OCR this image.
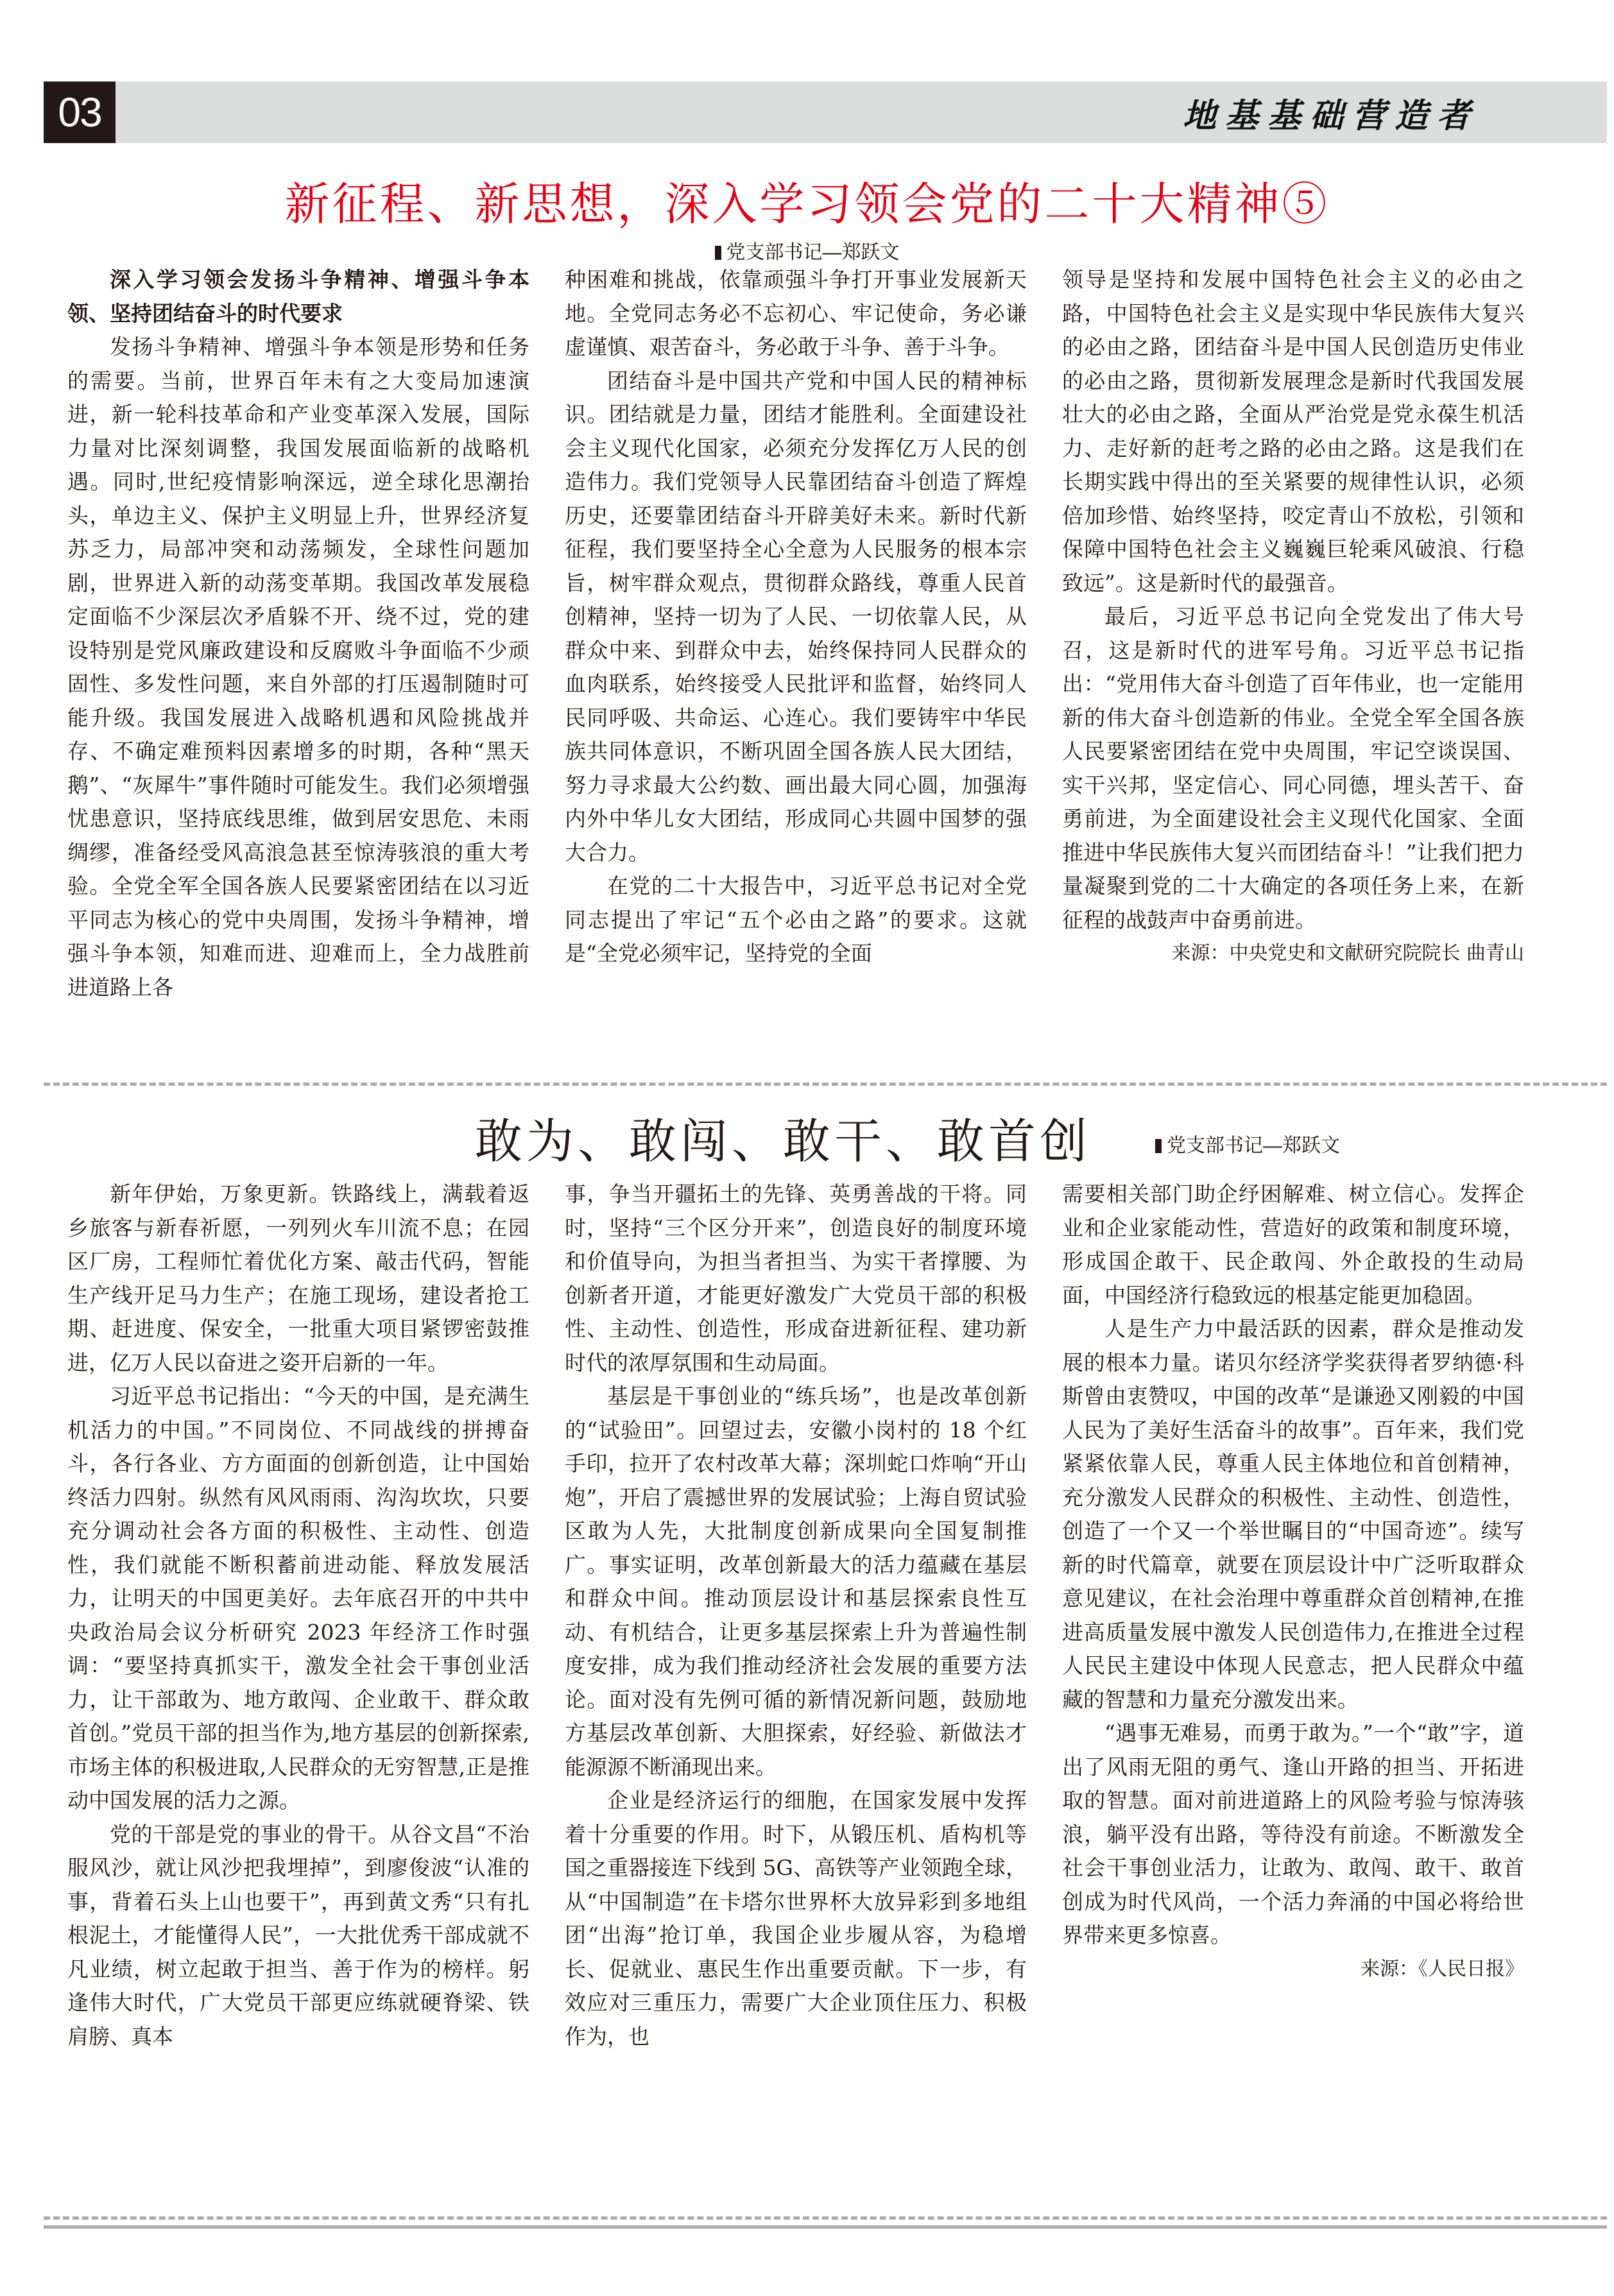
03	地基基础营造者
新征程、新思想，深入学习领会党的二十大精神⑤
党支部书记—郑跃文

深入学习领会发扬斗争精神、增强斗争本领、坚持团结奋斗的时代要求

发扬斗争精神、增强斗争本领是形势和任务的需要。当前，世界百年未有之大变局加速演进，新一轮科技革命和产业变革深入发展，国际力量对比深刻调整，我国发展面临新的战略机遇。同时,世纪疫情影响深远，逆全球化思潮抬头，单边主义、保护主义明显上升，世界经济复苏乏力，局部冲突和动荡频发，全球性问题加剧，世界进入新的动荡变革期。我国改革发展稳定面临不少深层次矛盾躲不开、绕不过，党的建设特别是党风廉政建设和反腐败斗争面临不少顽固性、多发性问题，来自外部的打压遏制随时可能升级。我国发展进入战略机遇和风险挑战并存、不确定难预料因素增多的时期，各种“黑天鹅”、“灰犀牛”事件随时可能发生。我们必须增强忧患意识，坚持底线思维，做到居安思危、未雨绸缪，准备经受风高浪急甚至惊涛骇浪的重大考验。全党全军全国各族人民要紧密团结在以习近平同志为核心的党中央周围，发扬斗争精神，增强斗争本领，知难而进、迎难而上，全力战胜前进道路上各

种困难和挑战，依靠顽强斗争打开事业发展新天地。全党同志务必不忘初心、牢记使命，务必谦虚谨慎、艰苦奋斗，务必敢于斗争、善于斗争。

团结奋斗是中国共产党和中国人民的精神标识。团结就是力量，团结才能胜利。全面建设社会主义现代化国家，必须充分发挥亿万人民的创造伟力。我们党领导人民靠团结奋斗创造了辉煌历史，还要靠团结奋斗开辟美好未来。新时代新征程，我们要坚持全心全意为人民服务的根本宗旨，树牢群众观点，贯彻群众路线，尊重人民首创精神，坚持一切为了人民、一切依靠人民，从群众中来、到群众中去，始终保持同人民群众的血肉联系，始终接受人民批评和监督，始终同人民同呼吸、共命运、心连心。我们要铸牢中华民族共同体意识，不断巩固全国各族人民大团结，努力寻求最大公约数、画出最大同心圆，加强海内外中华儿女大团结，形成同心共圆中国梦的强大合力。

在党的二十大报告中，习近平总书记对全党同志提出了牢记“五个必由之路”的要求。这就是“全党必须牢记，坚持党的全面

领导是坚持和发展中国特色社会主义的必由之路，中国特色社会主义是实现中华民族伟大复兴的必由之路，团结奋斗是中国人民创造历史伟业的必由之路，贯彻新发展理念是新时代我国发展壮大的必由之路，全面从严治党是党永葆生机活力、走好新的赶考之路的必由之路。这是我们在长期实践中得出的至关紧要的规律性认识，必须倍加珍惜、始终坚持，咬定青山不放松，引领和保障中国特色社会主义巍巍巨轮乘风破浪、行稳致远”。这是新时代的最强音。

最后，习近平总书记向全党发出了伟大号召，这是新时代的进军号角。习近平总书记指出：“党用伟大奋斗创造了百年伟业，也一定能用新的伟大奋斗创造新的伟业。全党全军全国各族人民要紧密团结在党中央周围，牢记空谈误国、实干兴邦，坚定信心、同心同德，埋头苦干、奋勇前进，为全面建设社会主义现代化国家、全面推进中华民族伟大复兴而团结奋斗！”让我们把力量凝聚到党的二十大确定的各项任务上来，在新征程的战鼓声中奋勇前进。

来源：中央党史和文献研究院院长 曲青山

敢为、敢闯、敢干、敢首创	党支部书记—郑跃文

新年伊始，万象更新。铁路线上，满载着返乡旅客与新春祈愿，一列列火车川流不息；在园区厂房，工程师忙着优化方案、敲击代码，智能生产线开足马力生产；在施工现场，建设者抢工期、赶进度、保安全，一批重大项目紧锣密鼓推进，亿万人民以奋进之姿开启新的一年。

习近平总书记指出：“今天的中国，是充满生机活力的中国。”不同岗位、不同战线的拼搏奋斗，各行各业、方方面面的创新创造，让中国始终活力四射。纵然有风风雨雨、沟沟坎坎，只要充分调动社会各方面的积极性、主动性、创造性，我们就能不断积蓄前进动能、释放发展活力，让明天的中国更美好。去年底召开的中共中央政治局会议分析研究 2023 年经济工作时强调：“要坚持真抓实干，激发全社会干事创业活力，让干部敢为、地方敢闯、企业敢干、群众敢首创。”党员干部的担当作为,地方基层的创新探索,市场主体的积极进取,人民群众的无穷智慧,正是推动中国发展的活力之源。

党的干部是党的事业的骨干。从谷文昌“不治服风沙，就让风沙把我埋掉”，到廖俊波“认准的事，背着石头上山也要干”，再到黄文秀“只有扎根泥土，才能懂得人民”，一大批优秀干部成就不凡业绩，树立起敢于担当、善于作为的榜样。躬逢伟大时代，广大党员干部更应练就硬脊梁、铁肩膀、真本

事，争当开疆拓土的先锋、英勇善战的干将。同时，坚持“三个区分开来”，创造良好的制度环境和价值导向，为担当者担当、为实干者撑腰、为创新者开道，才能更好激发广大党员干部的积极性、主动性、创造性，形成奋进新征程、建功新时代的浓厚氛围和生动局面。

基层是干事创业的“练兵场”，也是改革创新的“试验田”。回望过去，安徽小岗村的 18 个红手印，拉开了农村改革大幕；深圳蛇口炸响“开山炮”，开启了震撼世界的发展试验；上海自贸试验区敢为人先，大批制度创新成果向全国复制推广。事实证明，改革创新最大的活力蕴藏在基层和群众中间。推动顶层设计和基层探索良性互动、有机结合，让更多基层探索上升为普遍性制度安排，成为我们推动经济社会发展的重要方法论。面对没有先例可循的新情况新问题，鼓励地方基层改革创新、大胆探索，好经验、新做法才能源源不断涌现出来。

企业是经济运行的细胞，在国家发展中发挥着十分重要的作用。时下，从锻压机、盾构机等国之重器接连下线到 5G、高铁等产业领跑全球，从“中国制造”在卡塔尔世界杯大放异彩到多地组团“出海”抢订单，我国企业步履从容，为稳增长、促就业、惠民生作出重要贡献。下一步，有效应对三重压力，需要广大企业顶住压力、积极作为，也

需要相关部门助企纾困解难、树立信心。发挥企业和企业家能动性，营造好的政策和制度环境，形成国企敢干、民企敢闯、外企敢投的生动局面，中国经济行稳致远的根基定能更加稳固。

人是生产力中最活跃的因素，群众是推动发展的根本力量。诺贝尔经济学奖获得者罗纳德·科斯曾由衷赞叹，中国的改革“是谦逊又刚毅的中国人民为了美好生活奋斗的故事”。百年来，我们党紧紧依靠人民，尊重人民主体地位和首创精神，充分激发人民群众的积极性、主动性、创造性，创造了一个又一个举世瞩目的“中国奇迹”。续写新的时代篇章，就要在顶层设计中广泛听取群众意见建议，在社会治理中尊重群众首创精神,在推进高质量发展中激发人民创造伟力,在推进全过程人民民主建设中体现人民意志，把人民群众中蕴藏的智慧和力量充分激发出来。

“遇事无难易，而勇于敢为。”一个“敢”字，道出了风雨无阻的勇气、逢山开路的担当、开拓进取的智慧。面对前进道路上的风险考验与惊涛骇浪，躺平没有出路，等待没有前途。不断激发全社会干事创业活力，让敢为、敢闯、敢干、敢首创成为时代风尚，一个活力奔涌的中国必将给世界带来更多惊喜。

来源：《人民日报》
